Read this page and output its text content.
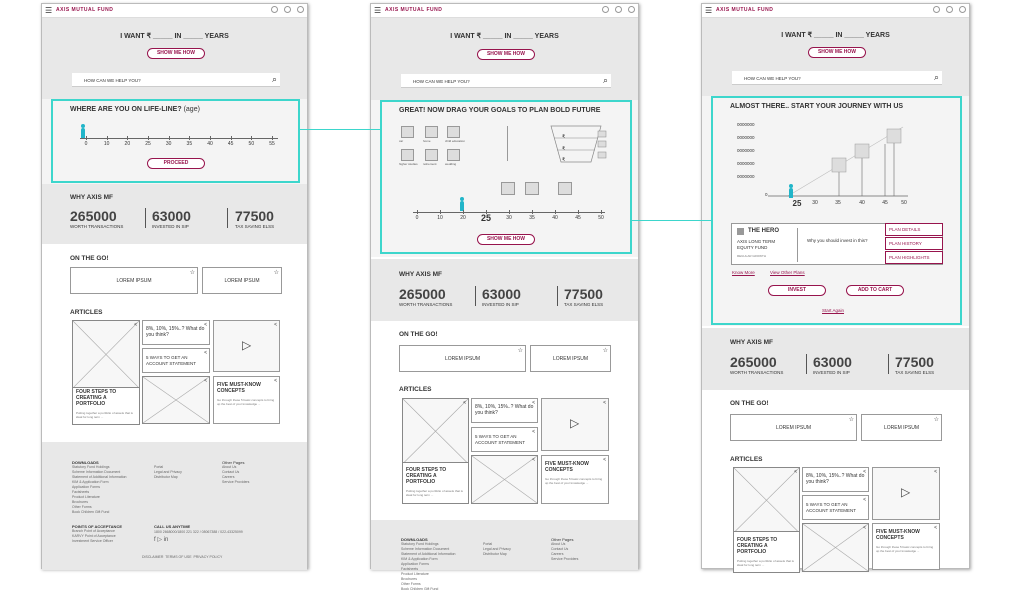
☰ AXIS MUTUAL FUND
I WANT ₹ _____ IN _____ YEARS
SHOW ME HOW
HOW CAN WE HELP YOU?	⌕
WHERE ARE YOU ON LIFE-LINE? (age)
0	10	20	25	30	35	40	45	50	55
PROCEED
WHY AXIS MF
265000
WORTH TRANSACTIONS
63000
INVESTED IN SIP
77500
TAX SAVING ELSS
ON THE GO!
LOREM IPSUM
☆
LOREM IPSUM
☆
ARTICLES
<
FOUR STEPS TO CREATING A PORTFOLIO
Putting together a portfolio of assets that is ideal for long term ...
<
8%, 10%, 15%..? What do you think?
<
5 WAYS TO GET AN ACCOUNT STATEMENT
<
<
▷
<
FIVE MUST-KNOW CONCEPTS
Go through these 5 basic concepts to bring up the best of your knowledge ...
DOWNLOADS
Statutory Fund Holdings
Scheme Information Document
Statement of Additional Information
KIM & Application Form
Application Forms
Factsheets
Product Literature
Brochures
Other Forms
Book Children Gift Fund
Portal
Legal and Privacy
Distributor Map
Other Pages
About Us
Contact Us
Careers
Service Providers
POINTS OF ACCEPTANCE
Branch Point of Acceptance
KARVY Point of Acceptance
Investment Service Officer
CALL US ANYTIME
1800 2668000/1800 221 322 / 08067388 / 022-43325099
f ▷ in
DISCLAIMER  TERMS OF USE  PRIVACY POLICY
☰ AXIS MUTUAL FUND
I WANT ₹ _____ IN _____ YEARS
SHOW ME HOW
HOW CAN WE HELP YOU?	⌕
GREAT! NOW DRAG YOUR GOALS TO PLAN BOLD FUTURE
car	home	child education
higher studies retirement	wedding
₹
₹
₹
0	10	20 25	30	35	40	45	50
SHOW ME HOW
WHY AXIS MF
265000
WORTH TRANSACTIONS
63000
INVESTED IN SIP
77500
TAX SAVING ELSS
ON THE GO!
LOREM IPSUM
☆
LOREM IPSUM
☆
ARTICLES
<
FOUR STEPS TO CREATING A PORTFOLIO
Putting together a portfolio of assets that is ideal for long term ...
<
8%, 10%, 15%..? What do you think?
<
5 WAYS TO GET AN ACCOUNT STATEMENT
<
<
▷
<
FIVE MUST-KNOW CONCEPTS
Go through these 5 basic concepts to bring up the best of your knowledge ...
DOWNLOADS
Statutory Fund Holdings
Scheme Information Document
Statement of Additional Information
KIM & Application Form
Application Forms
Factsheets
Product Literature
Brochures
Other Forms
Book Children Gift Fund
Portal
Legal and Privacy
Distributor Map
Other Pages
About Us
Contact Us
Careers
Service Providers
☰ AXIS MUTUAL FUND
I WANT ₹ _____ IN _____ YEARS
SHOW ME HOW
HOW CAN WE HELP YOU?	⌕
ALMOST THERE.. START YOUR JOURNEY WITH US
0000000
0000000
0000000
0000000
0000000
0
25 30	35	40	45	50
THE HERO
AXIS LONG TERM EQUITY FUND
REGULAR GROWTH
Why you should invest in this?
PLAN DETAILS
PLAN HISTORY
PLAN HIGHLIGHTS
Know More	View Other Plans
INVEST	ADD TO CART
Start Again
WHY AXIS MF
265000
WORTH TRANSACTIONS
63000
INVESTED IN SIP
77500
TAX SAVING ELSS
ON THE GO!
LOREM IPSUM
☆
LOREM IPSUM
☆
ARTICLES
<
FOUR STEPS TO CREATING A PORTFOLIO
Putting together a portfolio of assets that is ideal for long term ...
<
8%, 10%, 15%..? What do you think?
<
5 WAYS TO GET AN ACCOUNT STATEMENT
<
<
▷
<
FIVE MUST-KNOW CONCEPTS
Go through these 5 basic concepts to bring up the best of your knowledge ...
